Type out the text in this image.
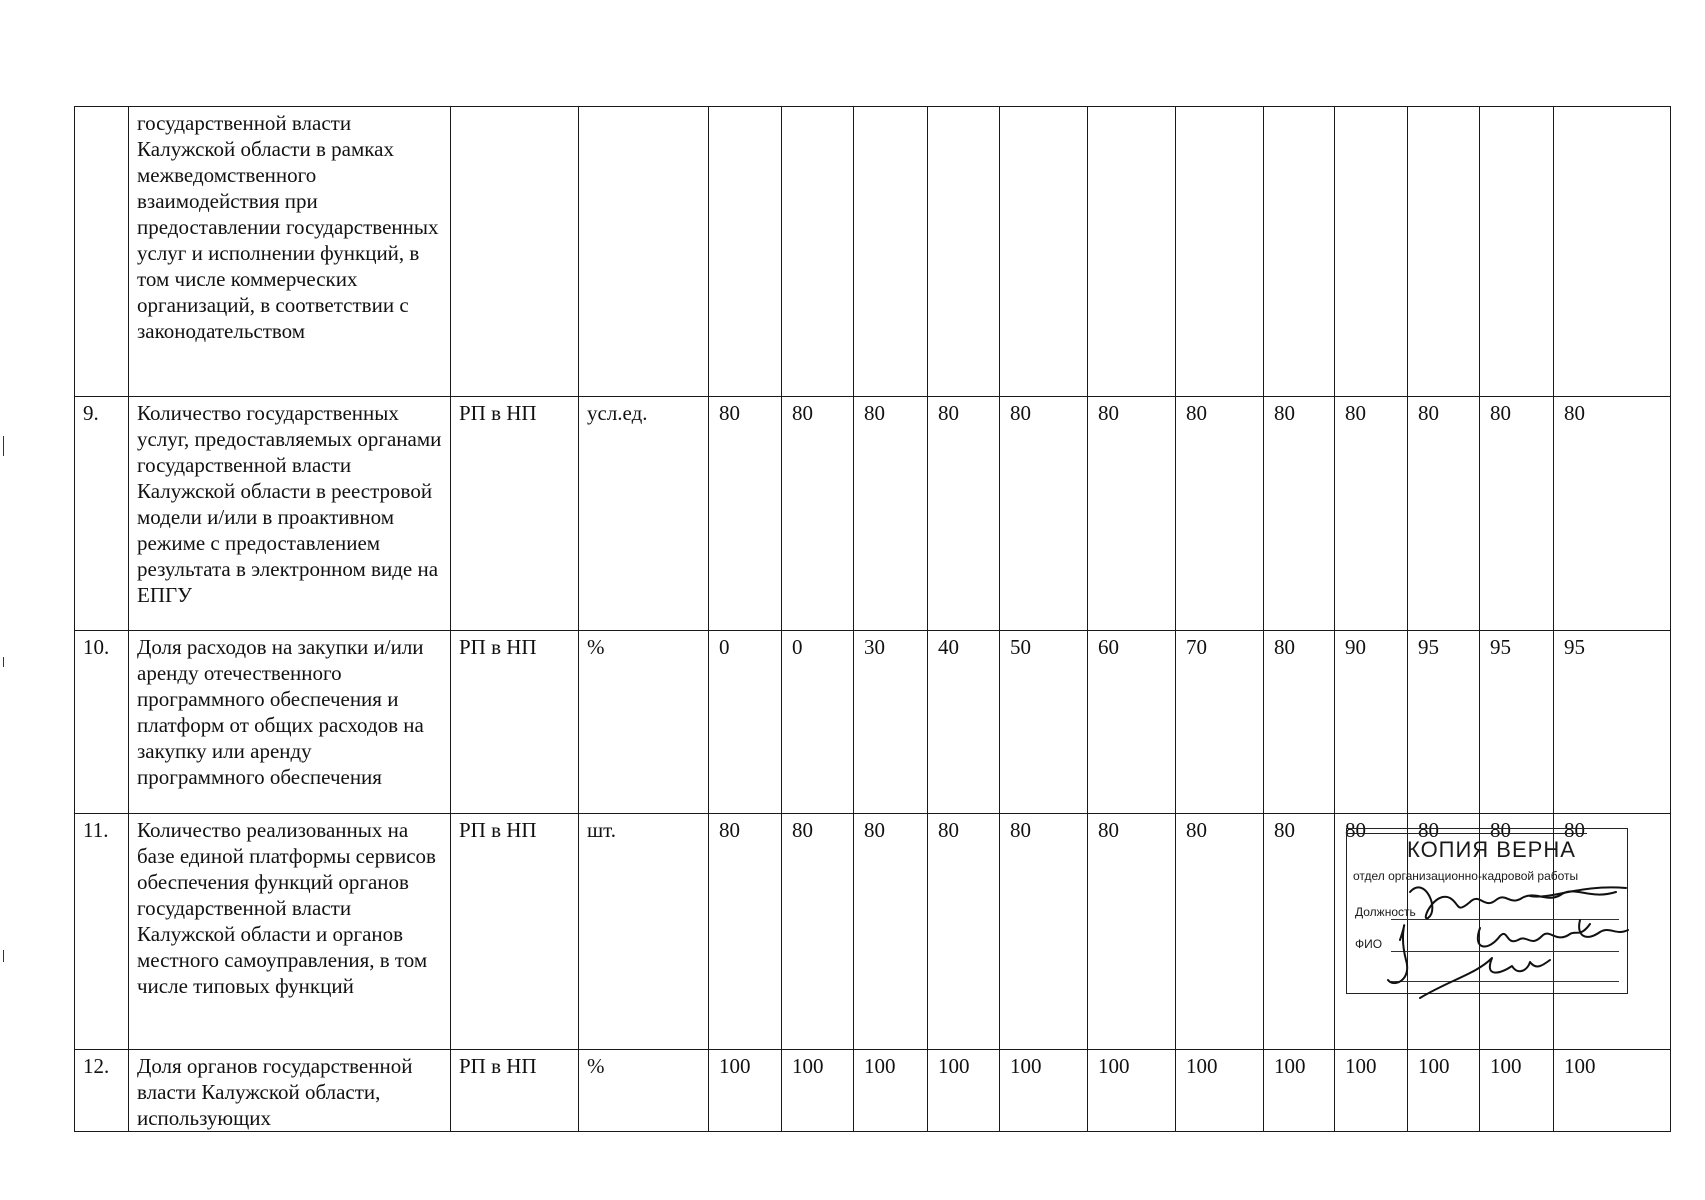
	государственной власти Калужской области в рамках межведомственного взаимодействия при предоставлении государственных услуг и исполнении функций, в том числе коммерческих организаций, в соответствии с законодательством														
9.	Количество государственных услуг, предоставляемых органами государственной власти Калужской области в реестровой модели и/или в проактивном режиме с предоставлением результата в электронном виде на ЕПГУ	РП в НП	усл.ед.	80	80	80	80	80	80	80	80	80	80	80	80
10.	Доля расходов на закупки и/или аренду отечественного программного обеспечения и платформ от общих расходов на закупку или аренду программного обеспечения	РП в НП	%	0	0	30	40	50	60	70	80	90	95	95	95
11.	Количество реализованных на базе единой платформы сервисов обеспечения функций органов государственной власти Калужской области и органов местного самоуправления, в том числе типовых функций	РП в НП	шт.	80	80	80	80	80	80	80	80	80	80	80	80
12.	Доля органов государственной власти Калужской области, использующих	РП в НП	%	100	100	100	100	100	100	100	100	100	100	100	100
КОПИЯ ВЕРНА
отдел организационно-кадровой работы
Должность
ФИО
